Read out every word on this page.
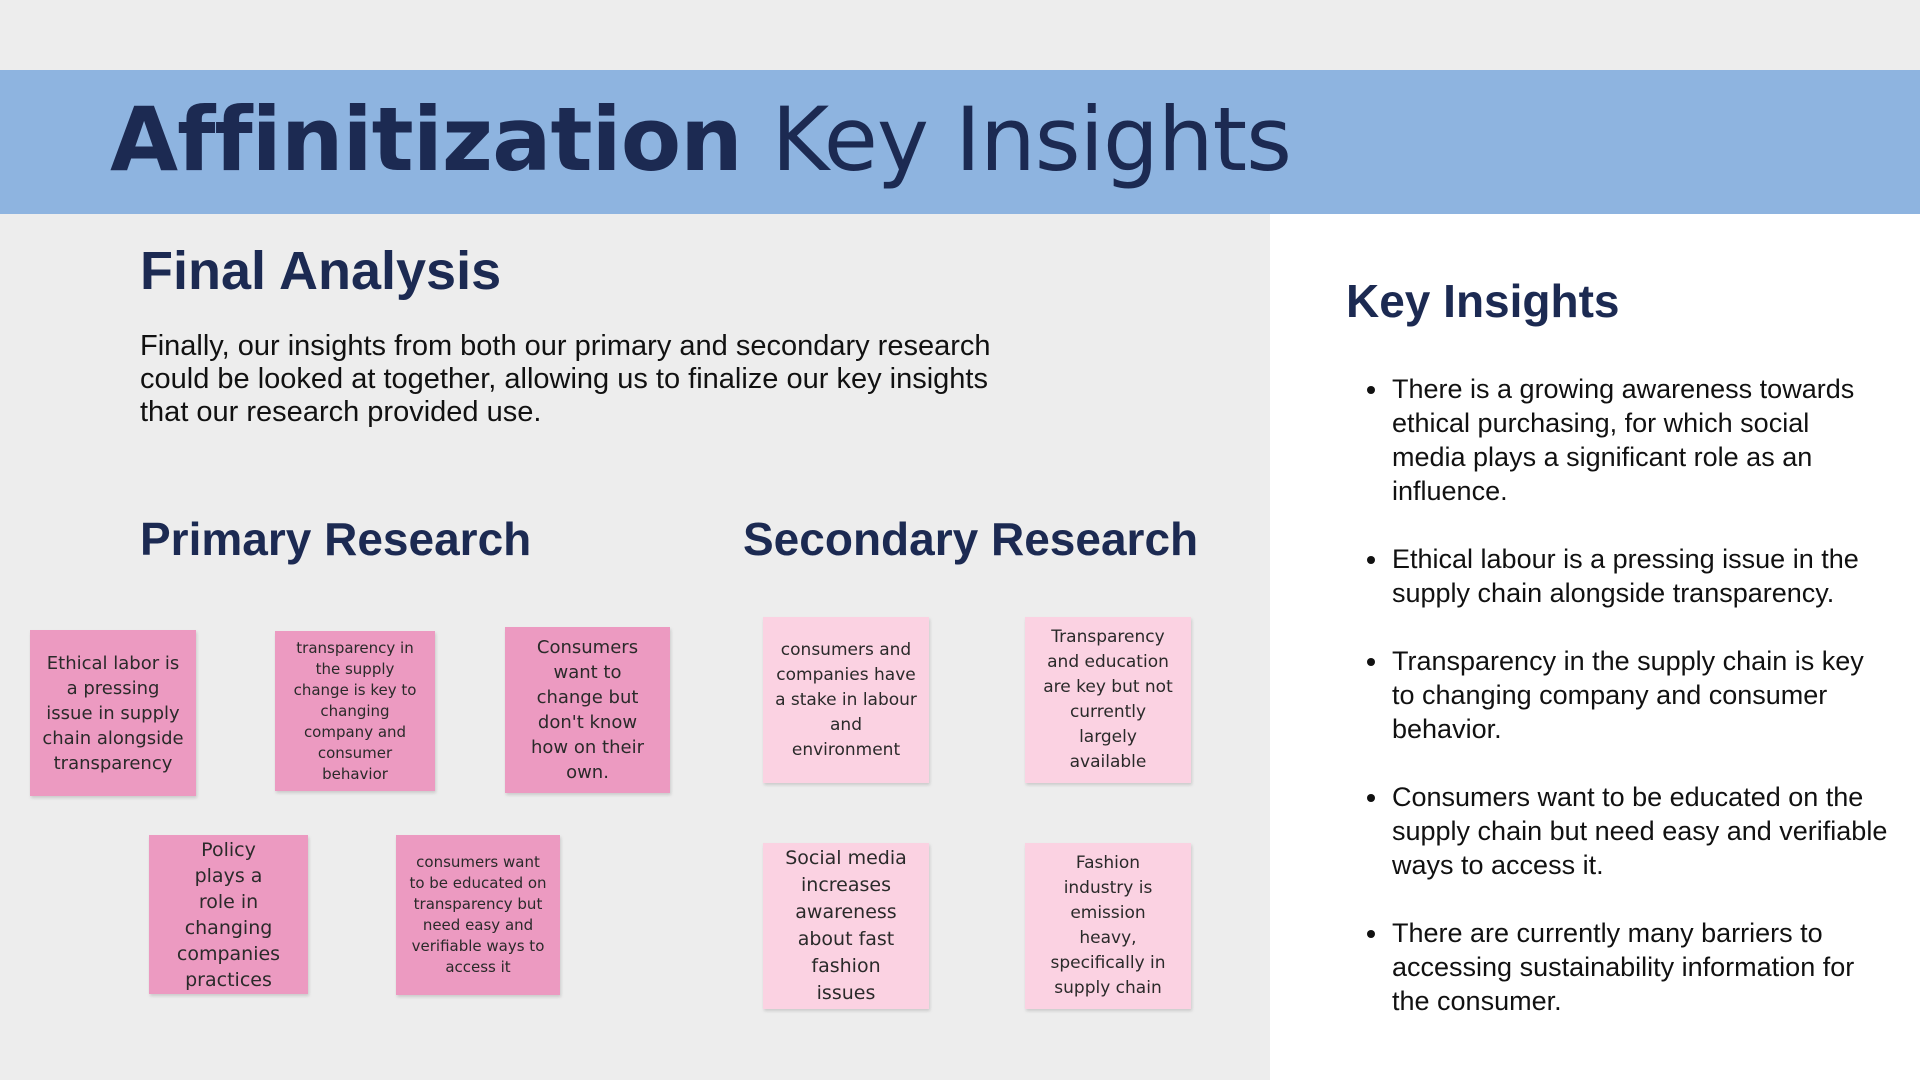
Affinitization Key Insights
Final Analysis

Finally, our insights from both our primary and secondary research could be looked at together, allowing us to finalize our key insights that our research provided use.

Primary Research	Secondary Research
Ethical labor is a pressing issue in supply chain alongside transparency
transparency in the supply change is key to changing company and consumer behavior
Consumers want to change but don't know how on their own.
Policy plays a role in changing companies practices
consumers want to be educated on transparency but need easy and verifiable ways to access it
consumers and companies have a stake in labour and environment
Transparency and education are key but not currently largely available
Social media increases awareness about fast fashion issues
Fashion industry is emission heavy, specifically in supply chain
Key Insights
• There is a growing awareness towards ethical purchasing, for which social media plays a significant role as an influence.
• Ethical labour is a pressing issue in the supply chain alongside transparency.
• Transparency in the supply chain is key to changing company and consumer behavior.
• Consumers want to be educated on the supply chain but need easy and verifiable ways to access it.
• There are currently many barriers to accessing sustainability information for the consumer.
